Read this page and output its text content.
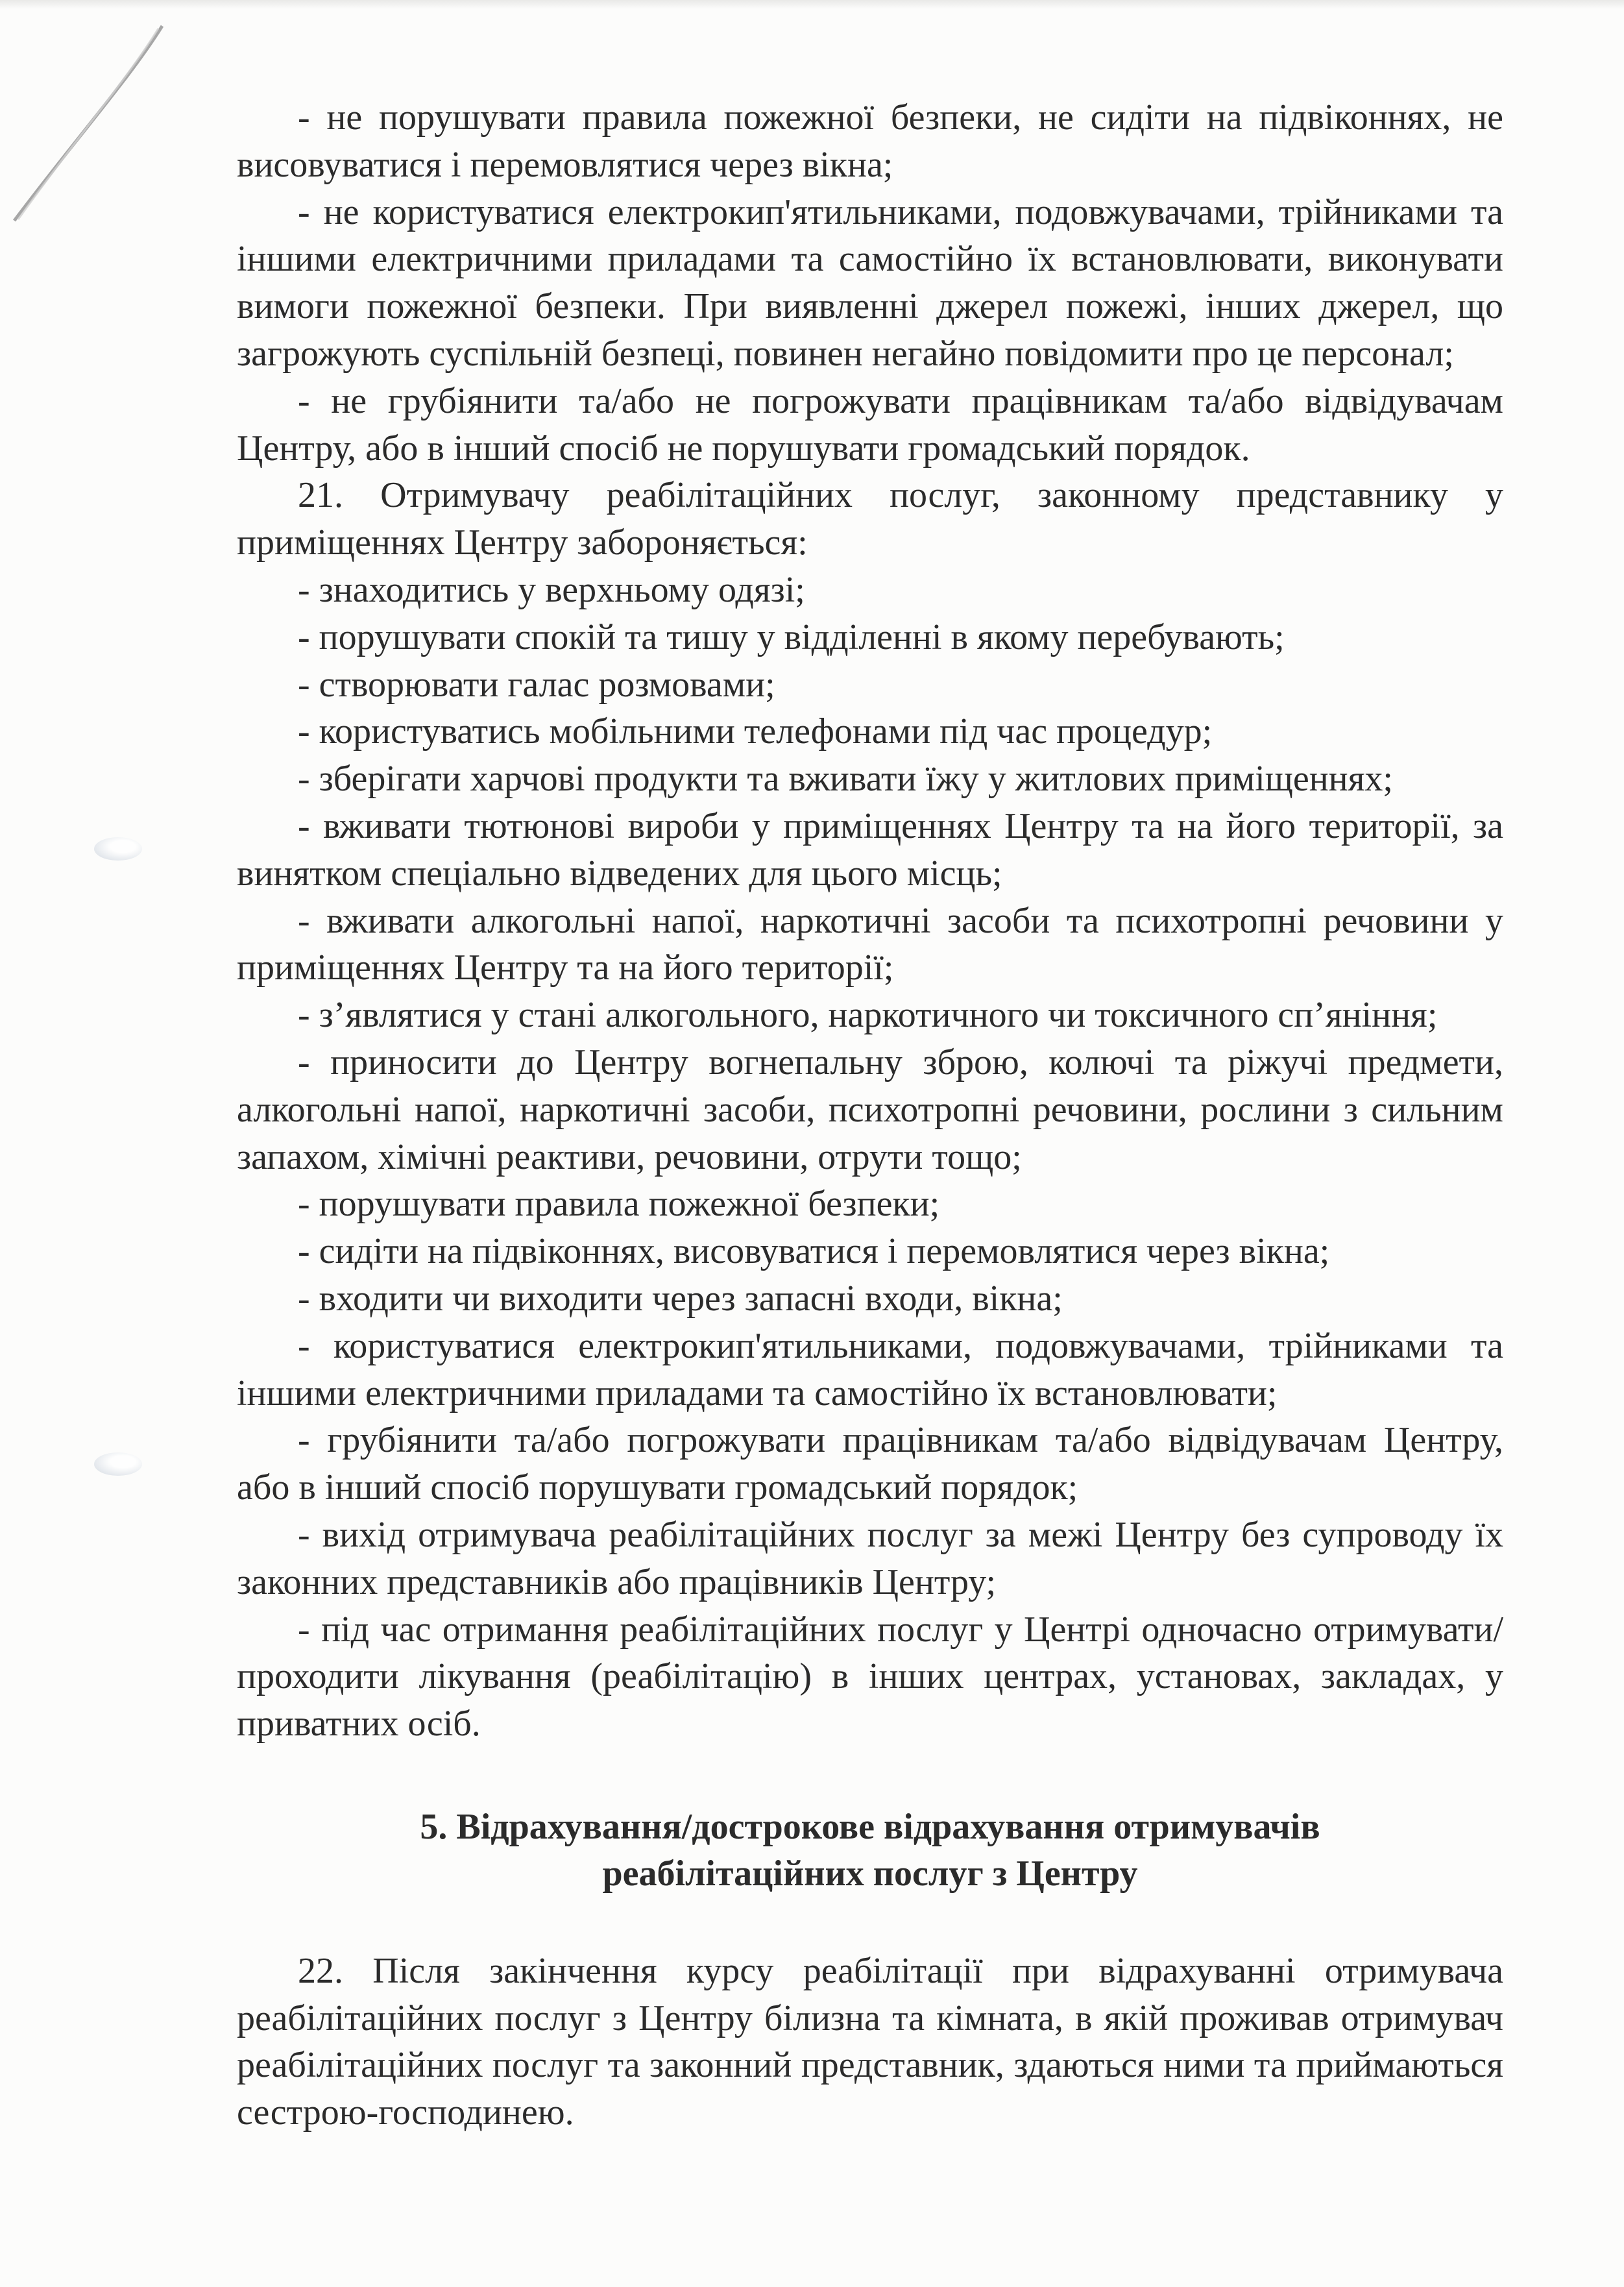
- не порушувати правила пожежної безпеки, не сидіти на підвіконнях, не висовуватися і перемовлятися через вікна;

- не користуватися електрокип'ятильниками, подовжувачами, трійниками та іншими електричними приладами та самостійно їх встановлювати, виконувати вимоги пожежної безпеки. При виявленні джерел пожежі, інших джерел, що загрожують суспільній безпеці, повинен негайно повідомити про це персонал;

- не грубіянити та/або не погрожувати працівникам та/або відвідувачам Центру, або в інший спосіб не порушувати громадський порядок.

21. Отримувачу реабілітаційних послуг, законному представнику у приміщеннях Центру забороняється:

- знаходитись у верхньому одязі;

- порушувати спокій та тишу у відділенні в якому перебувають;

- створювати галас розмовами;

- користуватись мобільними телефонами під час процедур;

- зберігати харчові продукти та вживати їжу у житлових приміщеннях;

- вживати тютюнові вироби у приміщеннях Центру та на його території, за винятком спеціально відведених для цього місць;

- вживати алкогольні напої, наркотичні засоби та психотропні речовини у приміщеннях Центру та на його території;

- з’являтися у стані алкогольного, наркотичного чи токсичного сп’яніння;

- приносити до Центру вогнепальну зброю, колючі та ріжучі предмети, алкогольні напої, наркотичні засоби, психотропні речовини, рослини з сильним запахом, хімічні реактиви, речовини, отрути тощо;

- порушувати правила пожежної безпеки;

- сидіти на підвіконнях, висовуватися і перемовлятися через вікна;

- входити чи виходити через запасні входи, вікна;

- користуватися електрокип'ятильниками, подовжувачами, трійниками та іншими електричними приладами та самостійно їх встановлювати;

- грубіянити та/або погрожувати працівникам та/або відвідувачам Центру, або в інший спосіб порушувати громадський порядок;

- вихід отримувача реабілітаційних послуг за межі Центру без супроводу їх законних представників або працівників Центру;

- під час отримання реабілітаційних послуг у Центрі одночасно отримувати/проходити лікування (реабілітацію) в інших центрах, установах, закладах, у приватних осіб.

5. Відрахування/дострокове відрахування отримувачів
реабілітаційних послуг з Центру

22. Після закінчення курсу реабілітації при відрахуванні отримувача реабілітаційних послуг з Центру білизна та кімната, в якій проживав отримувач реабілітаційних послуг та законний представник, здаються ними та приймаються сестрою-господинею.
